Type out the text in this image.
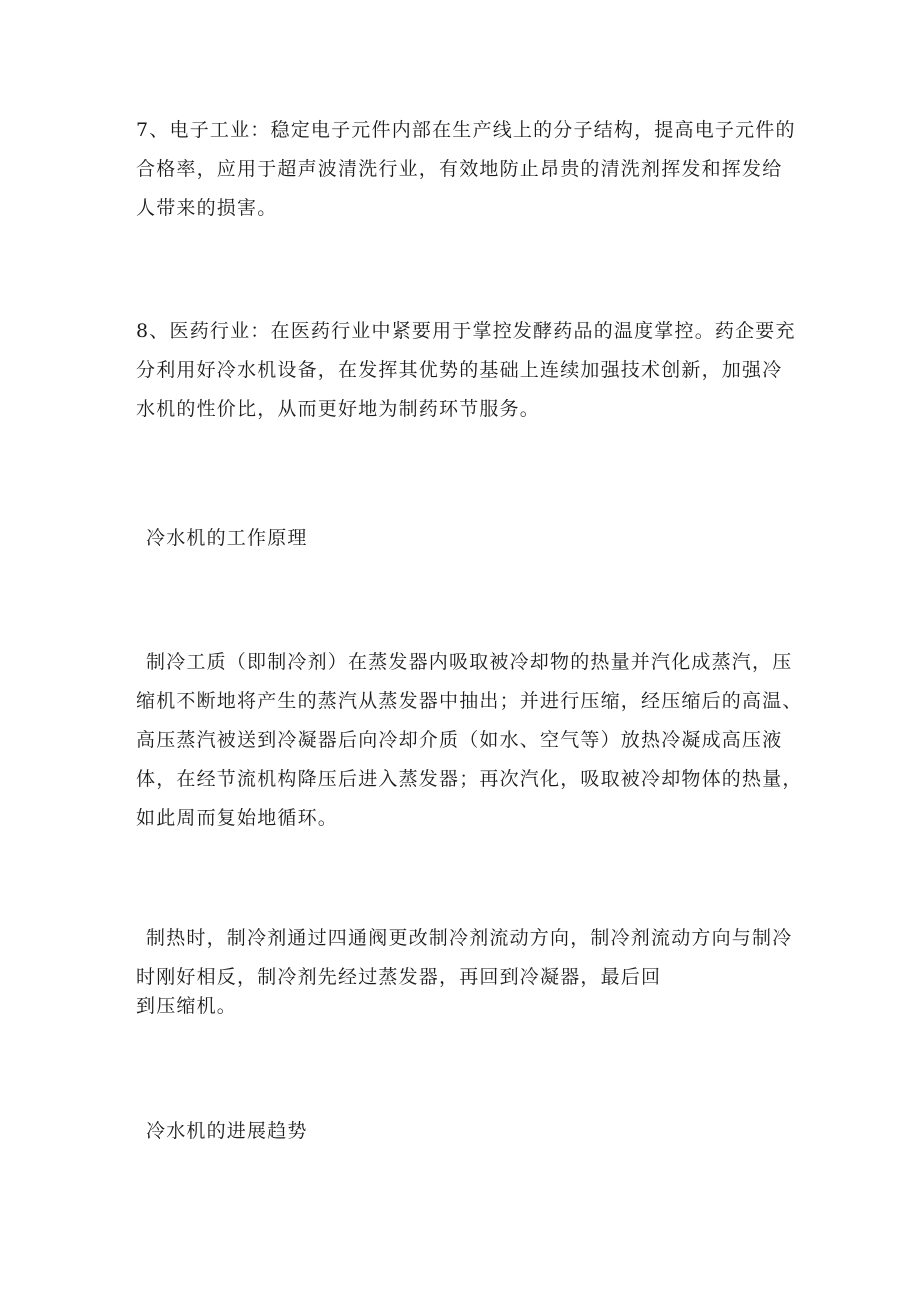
7、电子工业：稳定电子元件内部在生产线上的分子结构，提高电子元件的
合格率，应用于超声波清洗行业，有效地防止昂贵的清洗剂挥发和挥发给
人带来的损害。
8、医药行业：在医药行业中紧要用于掌控发酵药品的温度掌控。药企要充
分利用好冷水机设备，在发挥其优势的基础上连续加强技术创新，加强冷
水机的性价比，从而更好地为制药环节服务。
冷水机的工作原理
制冷工质（即制冷剂）在蒸发器内吸取被冷却物的热量并汽化成蒸汽，压
缩机不断地将产生的蒸汽从蒸发器中抽出；并进行压缩，经压缩后的高温、
高压蒸汽被送到冷凝器后向冷却介质（如水、空气等）放热冷凝成高压液
体，在经节流机构降压后进入蒸发器；再次汽化，吸取被冷却物体的热量，
如此周而复始地循环。
制热时，制冷剂通过四通阀更改制冷剂流动方向，制冷剂流动方向与制冷
时刚好相反，制冷剂先经过蒸发器，再回到冷凝器，最后回
到压缩机。
冷水机的进展趋势
